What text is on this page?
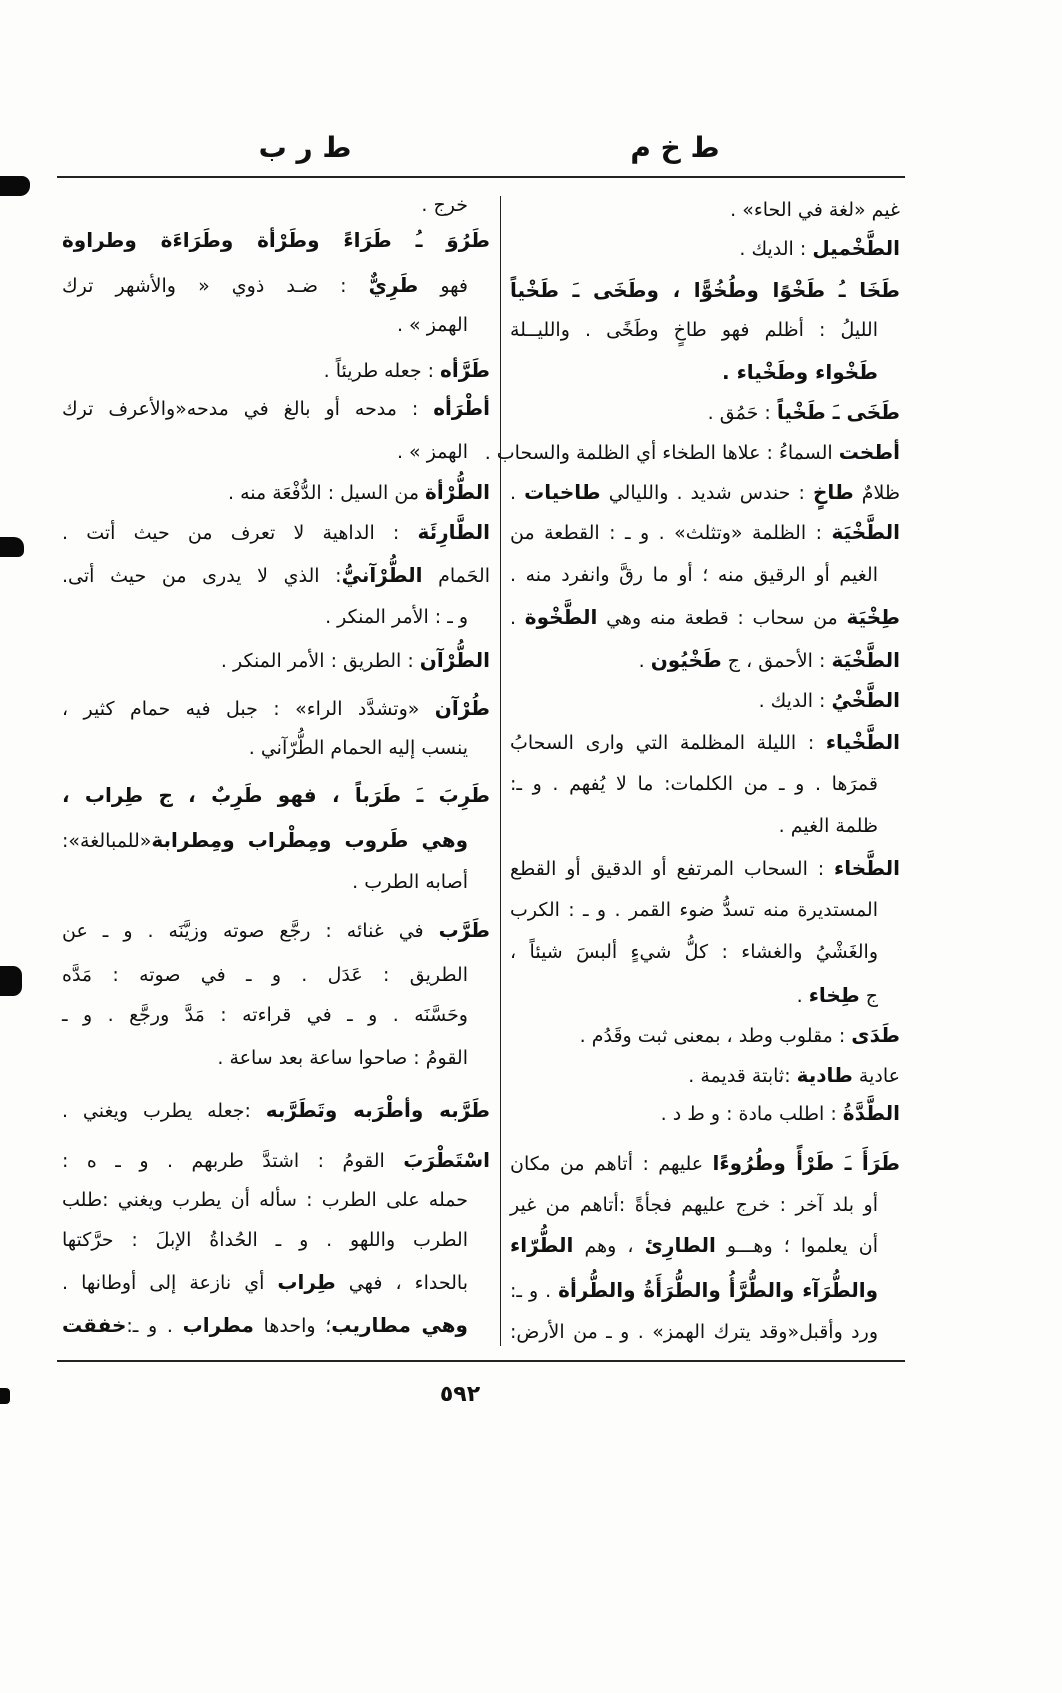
ط ر ب	ط خ م
غيم «لغة في الحاء» .
الطَّخْميل : الديك .
طَخَا ـُ طَخْوًا وطُخُوًّا ، وطَخَى ـَ طَخْياً
الليلُ : أظلم فهو طاخٍ وطَخًى . والليــلة
طَخْواء وطَخْياء .
طَخَى ـَ طَخْياً : حَمُق .
أطخت السماءُ : علاها الطخاء أي الظلمة والسحاب .
ظلامٌ طاخٍ : حندس شديد . والليالي طاخيات .
الطَّخْيَة : الظلمة «وتثلث» . و ـ : القطعة من
الغيم أو الرقيق منه ؛ أو ما رقَّ وانفرد منه .
طِخْيَة من سحاب : قطعة منه وهي الطَّخْوة .
الطَّخْيَة : الأحمق ، ج طَخْيُون .
الطَّخْيُ : الديك .
الطَّخْياء : الليلة المظلمة التي وارى السحابُ
قمرَها . و ـ من الكلمات: ما لا يُفهم . و ـ:
ظلمة الغيم .
الطَّخاء : السحاب المرتفع أو الدقيق أو القطع
المستديرة منه تسدُّ ضوء القمر . و ـ : الكرب
والغَشْيُ والغشاء : كلُّ شيءٍ ألبسَ شيئاً ،
ج طِخاء .
طَدَى : مقلوب وطد ، بمعنى ثبت وقَدُم .
عادية طادية :ثابتة قديمة .
الطَّدَّةُ : اطلب مادة : و ط د .
طَرَأَ ـَ طَرْأً وطُرُوءًا عليهم : أتاهم من مكان
أو بلد آخر : خرج عليهم فجأةً :أتاهم من غير
أن يعلموا ؛ وهـــو الطارِئ ، وهم الطُّرّاء
والطُّرَآء والطُّرَّأُ والطُّرَأَةُ والطُّرأة . و ـ:
ورد وأقبل«وقد يترك الهمز» . و ـ من الأرض:
خرج .
طَرُوَ ـُ طَرَاءً وطَرْأة وطَرَاءَة وطراوة
فهو طَرِيٌّ : ضـد ذوي « والأشهر ترك
الهمز » .
طَرَّأه : جعله طريئاً .
أطْرَأه : مدحه أو بالغ في مدحه«والأعرف ترك
الهمز » .
الطُّرْأة من السيل : الدُّفْعَة منه .
الطَّارِئَة : الداهية لا تعرف من حيث أتت .
الحَمام الطُّرْآنيُّ: الذي لا يدرى من حيث أتى.
و ـ : الأمر المنكر .
الطُّرْآن : الطريق : الأمر المنكر .
طُرْآن «وتشدَّد الراء» : جبل فيه حمام كثير ،
ينسب إليه الحمام الطُّرّآني .
طَرِبَ ـَ طَرَباً ، فهو طَرِبٌ ، ج طِراب ،
وهي طَروب ومِطْراب ومِطرابة«للمبالغة»:
أصابه الطرب .
طَرَّب في غنائه : رجَّع صوته وزيَّنَه . و ـ عن
الطريق : عَدَل . و ـ في صوته : مَدَّه
وحَسَّنَه . و ـ في قراءته : مَدَّ ورجَّع . و ـ
القومُ : صاحوا ساعة بعد ساعة .
طَرَّبه وأطْرَبه وتَطَرَّبه :جعله يطرب ويغني .
اسْتَطْرَبَ القومُ : اشتدَّ طربهم . و ـ ه :
حمله على الطرب : سأله أن يطرب ويغني :طلب
الطرب واللهو . و ـ الحُداةُ الإبلَ : حرَّكتها
بالحداء ، فهي طِراب أي نازعة إلى أوطانها .
وهي مطاريب؛ واحدها مطراب . و ـ:خفقت
٥٩٢
